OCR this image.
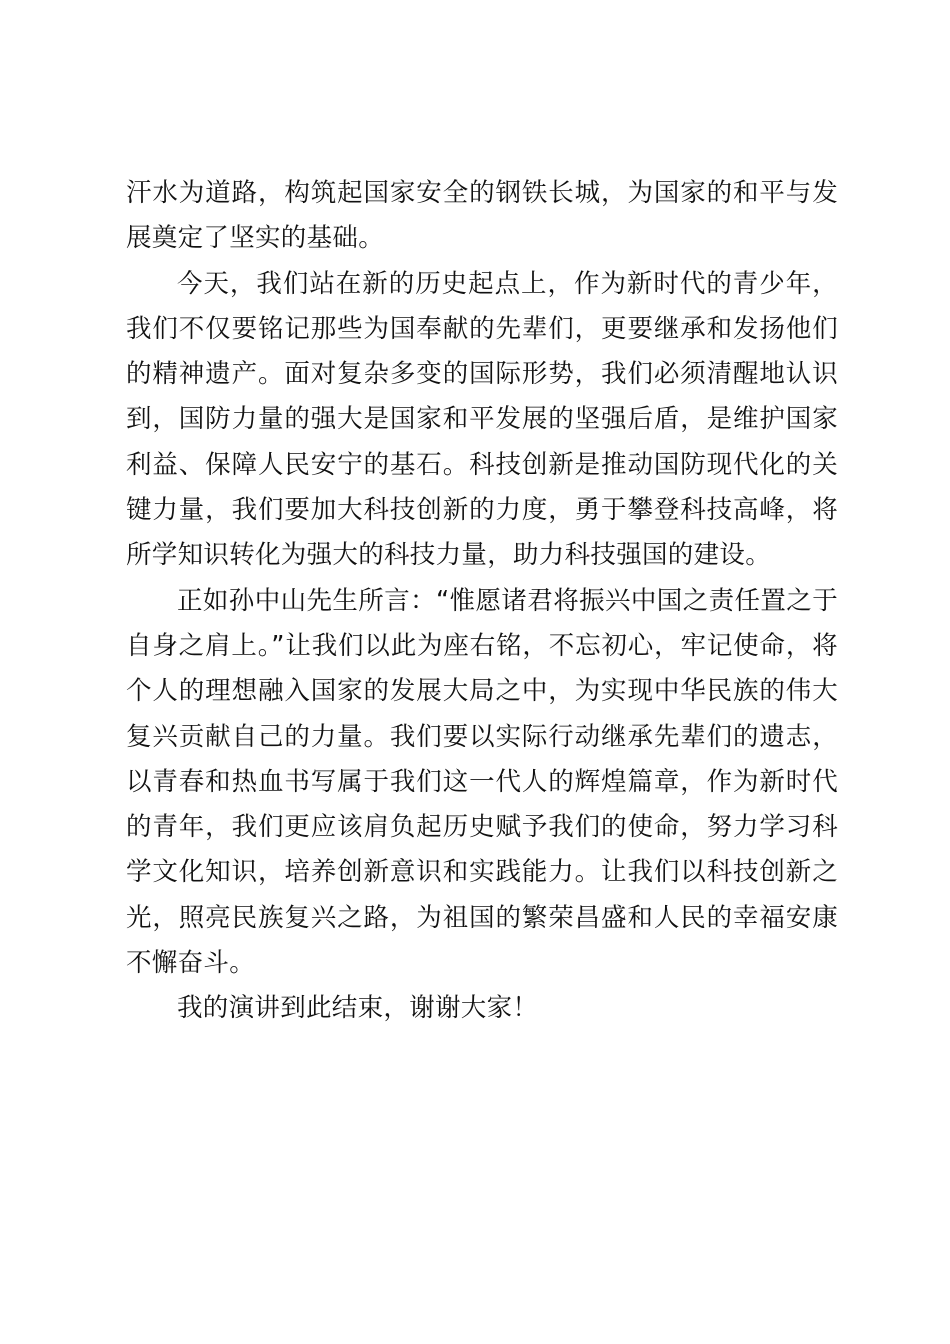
汗水为道路，构筑起国家安全的钢铁长城，为国家的和平与发展奠定了坚实的基础。

今天，我们站在新的历史起点上，作为新时代的青少年，我们不仅要铭记那些为国奉献的先辈们，更要继承和发扬他们的精神遗产。面对复杂多变的国际形势，我们必须清醒地认识到，国防力量的强大是国家和平发展的坚强后盾，是维护国家利益、保障人民安宁的基石。科技创新是推动国防现代化的关键力量，我们要加大科技创新的力度，勇于攀登科技高峰，将所学知识转化为强大的科技力量，助力科技强国的建设。

正如孙中山先生所言：“惟愿诸君将振兴中国之责任置之于自身之肩上。”让我们以此为座右铭，不忘初心，牢记使命，将个人的理想融入国家的发展大局之中，为实现中华民族的伟大复兴贡献自己的力量。我们要以实际行动继承先辈们的遗志，以青春和热血书写属于我们这一代人的辉煌篇章，作为新时代的青年，我们更应该肩负起历史赋予我们的使命，努力学习科学文化知识，培养创新意识和实践能力。让我们以科技创新之光，照亮民族复兴之路，为祖国的繁荣昌盛和人民的幸福安康不懈奋斗。

我的演讲到此结束，谢谢大家！
